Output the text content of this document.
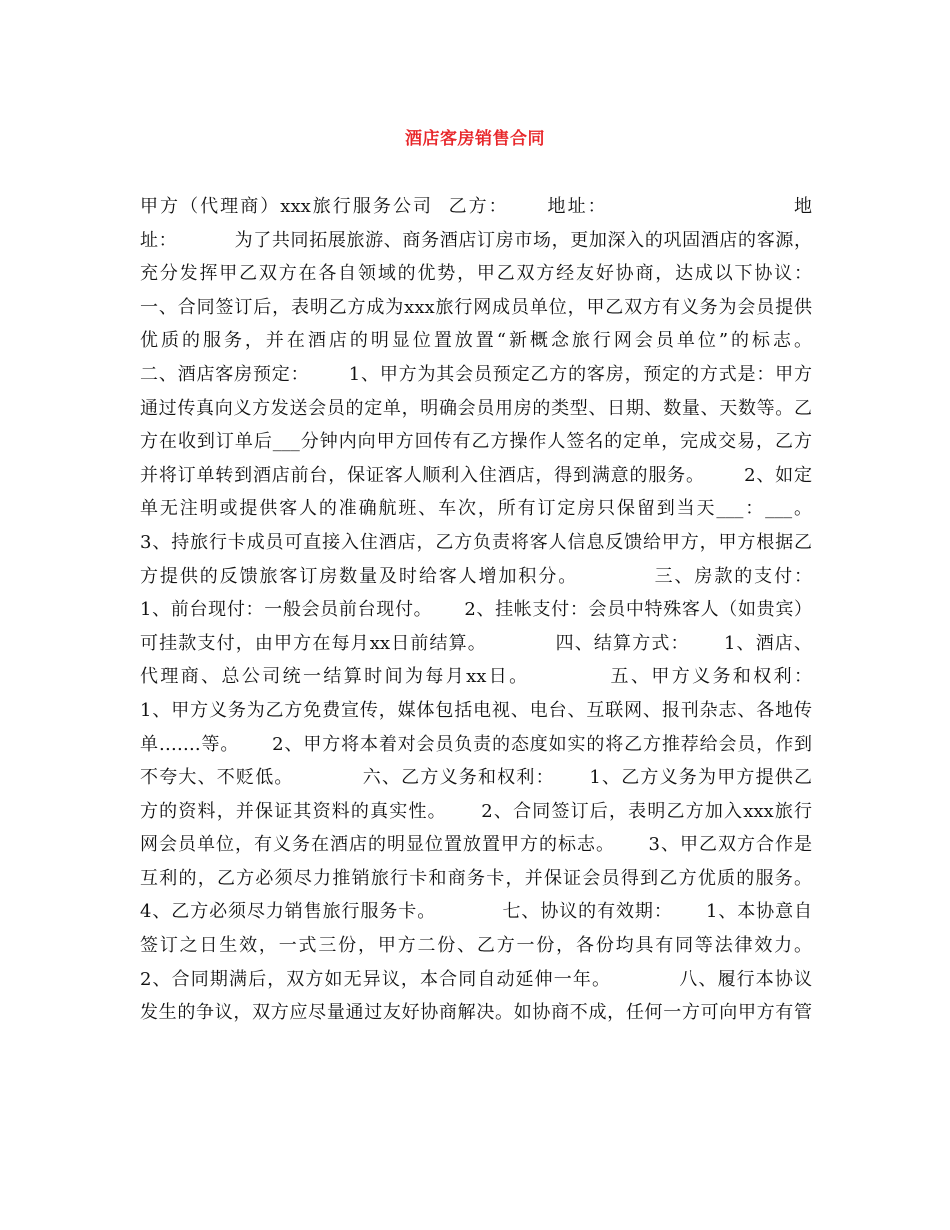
酒店客房销售合同
甲方（代理商）xxx旅行服务公司  乙方：     地址：                        地
址：         为了共同拓展旅游、商务酒店订房市场，更加深入的巩固酒店的客源，
充分发挥甲乙双方在各自领域的优势，甲乙双方经友好协商，达成以下协议：
一、合同签订后，表明乙方成为xxx旅行网成员单位，甲乙双方有义务为会员提供
优质的服务，并在酒店的明显位置放置“新概念旅行网会员单位”的标志。
二、酒店客房预定：      1、甲方为其会员预定乙方的客房，预定的方式是：甲方
通过传真向义方发送会员的定单，明确会员用房的类型、日期、数量、天数等。乙
方在收到订单后___分钟内向甲方回传有乙方操作人签名的定单，完成交易，乙方
并将订单转到酒店前台，保证客人顺利入住酒店，得到满意的服务。      2、如定
单无注明或提供客人的准确航班、车次，所有订定房只保留到当天___：___。
3、持旅行卡成员可直接入住酒店，乙方负责将客人信息反馈给甲方，甲方根据乙
方提供的反馈旅客订房数量及时给客人增加积分。          三、房款的支付：
1、前台现付：一般会员前台现付。     2、挂帐支付：会员中特殊客人（如贵宾）
可挂款支付，由甲方在每月xx日前结算。          四、结算方式：     1、酒店、
代理商、总公司统一结算时间为每月xx日。          五、甲方义务和权利：
1、甲方义务为乙方免费宣传，媒体包括电视、电台、互联网、报刊杂志、各地传
单…….等。     2、甲方将本着对会员负责的态度如实的将乙方推荐给会员，作到
不夸大、不贬低。          六、乙方义务和权利：     1、乙方义务为甲方提供乙
方的资料，并保证其资料的真实性。     2、合同签订后，表明乙方加入xxx旅行
网会员单位，有义务在酒店的明显位置放置甲方的标志。     3、甲乙双方合作是
互利的，乙方必须尽力推销旅行卡和商务卡，并保证会员得到乙方优质的服务。
4、乙方必须尽力销售旅行服务卡。          七、协议的有效期：     1、本协意自
签订之日生效，一式三份，甲方二份、乙方一份，各份均具有同等法律效力。
2、合同期满后，双方如无异议，本合同自动延伸一年。          八、履行本协议
发生的争议，双方应尽量通过友好协商解决。如协商不成，任何一方可向甲方有管
